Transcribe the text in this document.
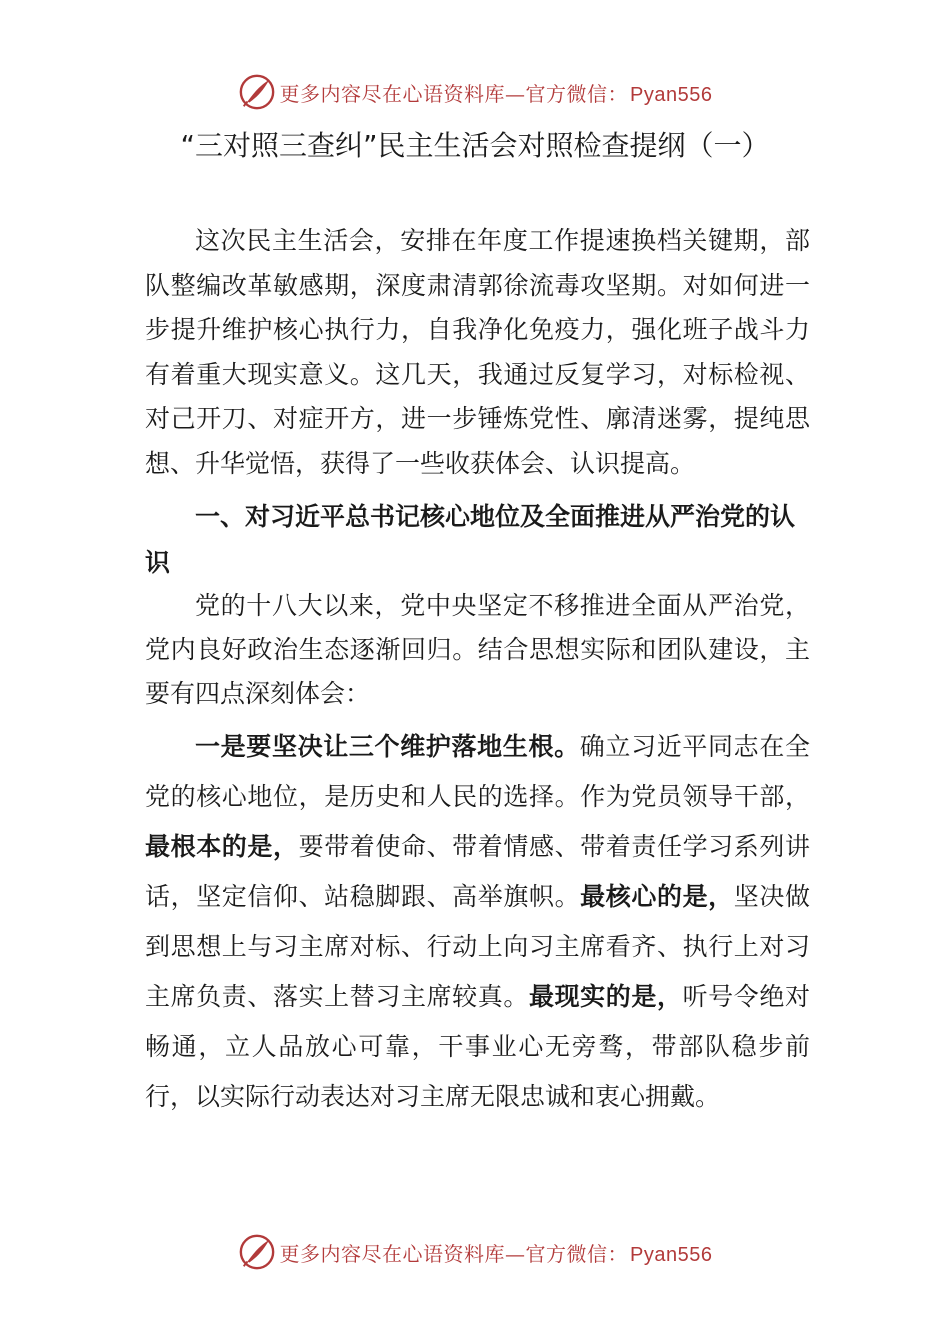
更多内容尽在心语资料库—官方微信： Pyan556
“三对照三查纠”民主生活会对照检查提纲（一）

这次民主生活会，安排在年度工作提速换档关键期，部队整编改革敏感期，深度肃清郭徐流毒攻坚期。对如何进一步提升维护核心执行力，自我净化免疫力，强化班子战斗力有着重大现实意义。这几天，我通过反复学习，对标检视、对己开刀、对症开方，进一步锤炼党性、廓清迷雾，提纯思想、升华觉悟，获得了一些收获体会、认识提高。

一、对习近平总书记核心地位及全面推进从严治党的认识

党的十八大以来，党中央坚定不移推进全面从严治党，党内良好政治生态逐渐回归。结合思想实际和团队建设，主要有四点深刻体会：

一是要坚决让三个维护落地生根。确立习近平同志在全党的核心地位，是历史和人民的选择。作为党员领导干部，最根本的是，要带着使命、带着情感、带着责任学习系列讲话，坚定信仰、站稳脚跟、高举旗帜。最核心的是，坚决做到思想上与习主席对标、行动上向习主席看齐、执行上对习主席负责、落实上替习主席较真。最现实的是，听号令绝对畅通，立人品放心可靠，干事业心无旁骛，带部队稳步前行，以实际行动表达对习主席无限忠诚和衷心拥戴。

更多内容尽在心语资料库—官方微信： Pyan556
